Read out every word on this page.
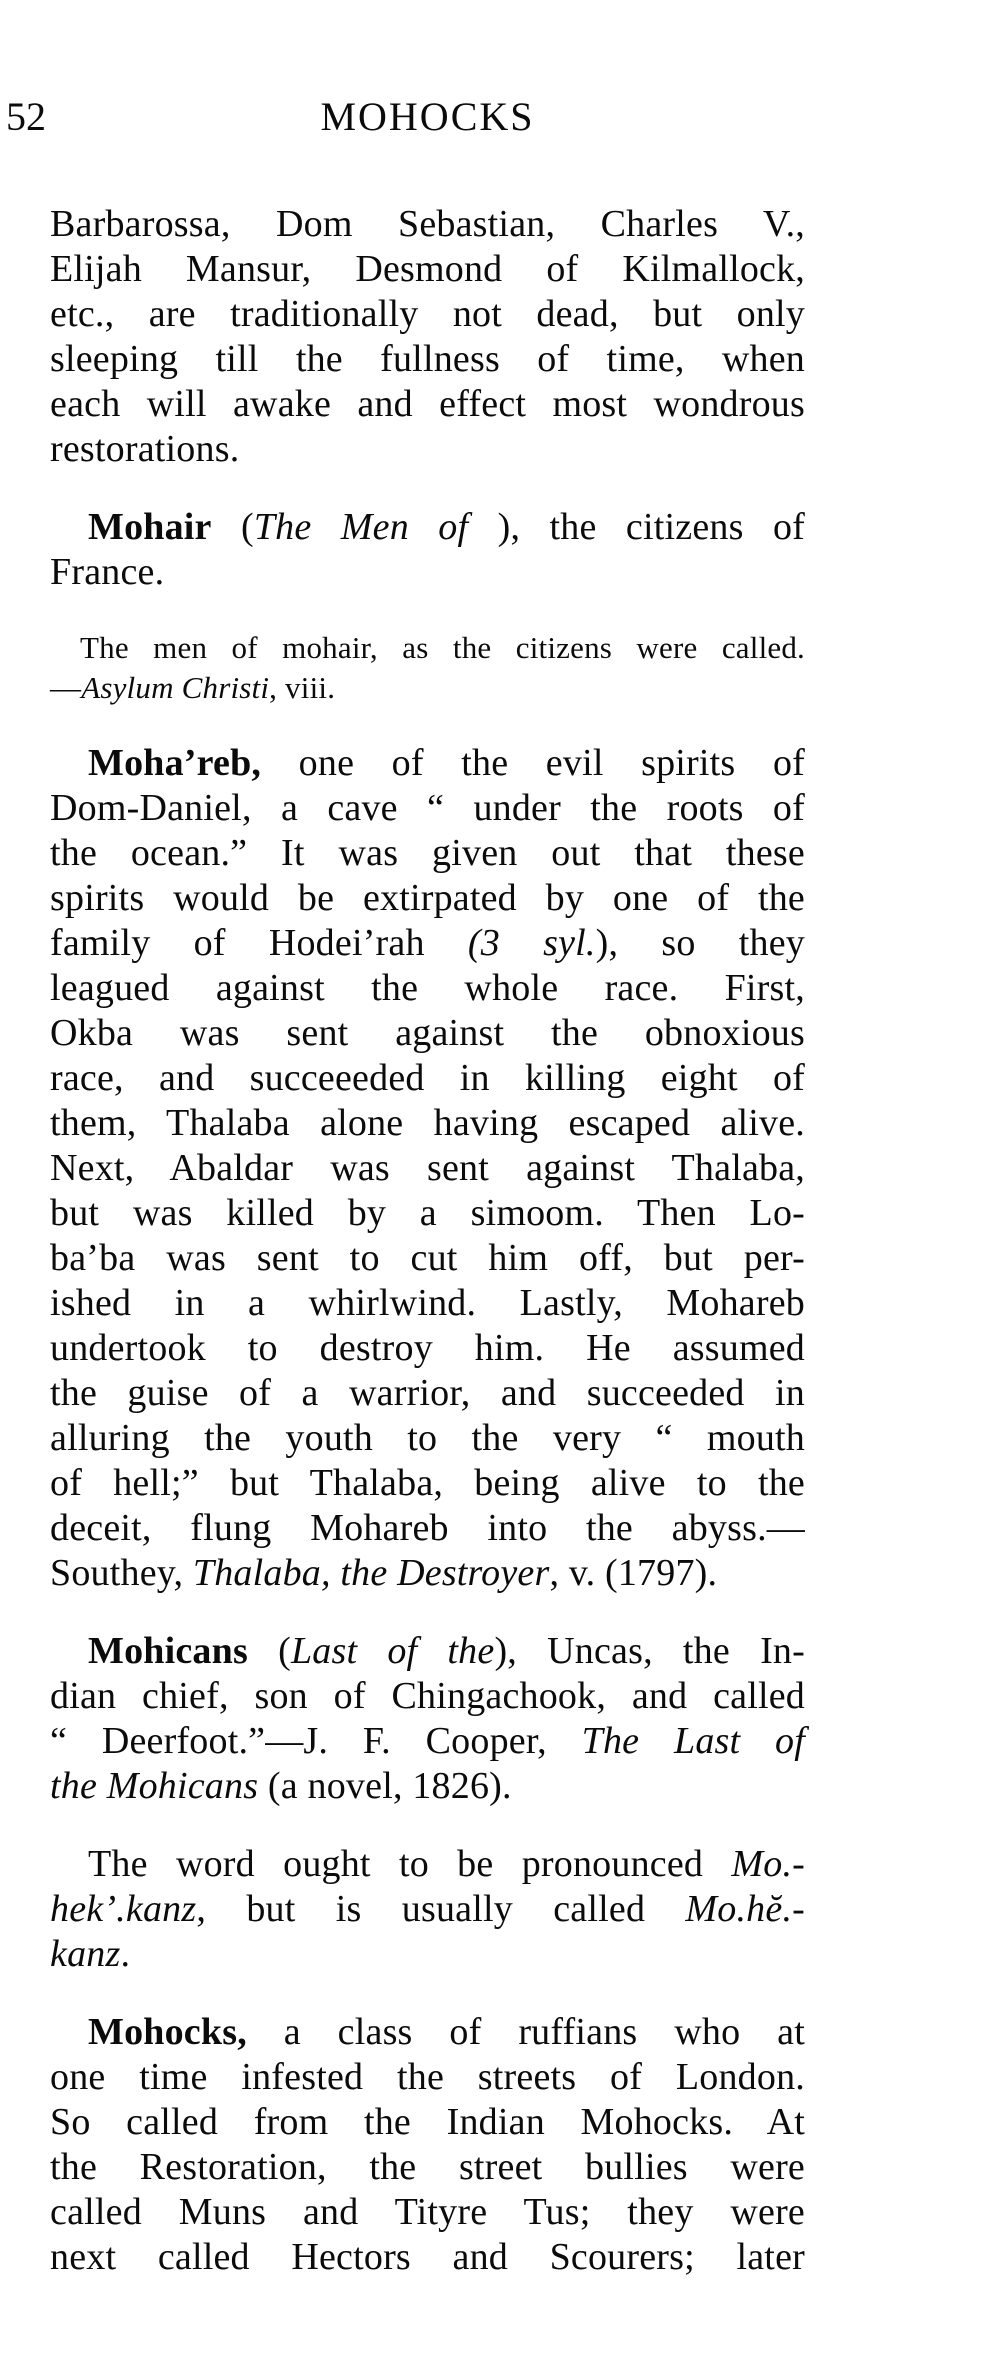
52	MOHOCKS
Barbarossa, Dom Sebastian, Charles V.,
Elijah Mansur, Desmond of Kilmallock,
etc., are traditionally not dead, but only
sleeping till the fullness of time, when
each will awake and effect most wondrous
restorations.
Mohair (The Men of ), the citizens of
France.
The men of mohair, as the citizens were called.
—Asylum Christi, viii.
Moha’reb, one of the evil spirits of
Dom-Daniel, a cave “ under the roots of
the ocean.” It was given out that these
spirits would be extirpated by one of the
family of Hodei’rah (3 syl.), so they
leagued against the whole race. First,
Okba was sent against the obnoxious
race, and succeeeded in killing eight of
them, Thalaba alone having escaped alive.
Next, Abaldar was sent against Thalaba,
but was killed by a simoom. Then Lo-
ba’ba was sent to cut him off, but per-
ished in a whirlwind. Lastly, Mohareb
undertook to destroy him. He assumed
the guise of a warrior, and succeeded in
alluring the youth to the very “ mouth
of hell;” but Thalaba, being alive to the
deceit, flung Mohareb into the abyss.—
Southey, Thalaba, the Destroyer, v. (1797).
Mohicans (Last of the), Uncas, the In-
dian chief, son of Chingachook, and called
“ Deerfoot.”—J. F. Cooper, The Last of
the Mohicans (a novel, 1826).
The word ought to be pronounced Mo.-
hek’.kanz, but is usually called Mo.hĕ.-
kanz.
Mohocks, a class of ruffians who at
one time infested the streets of London.
So called from the Indian Mohocks. At
the Restoration, the street bullies were
called Muns and Tityre Tus; they were
next called Hectors and Scourers; later
